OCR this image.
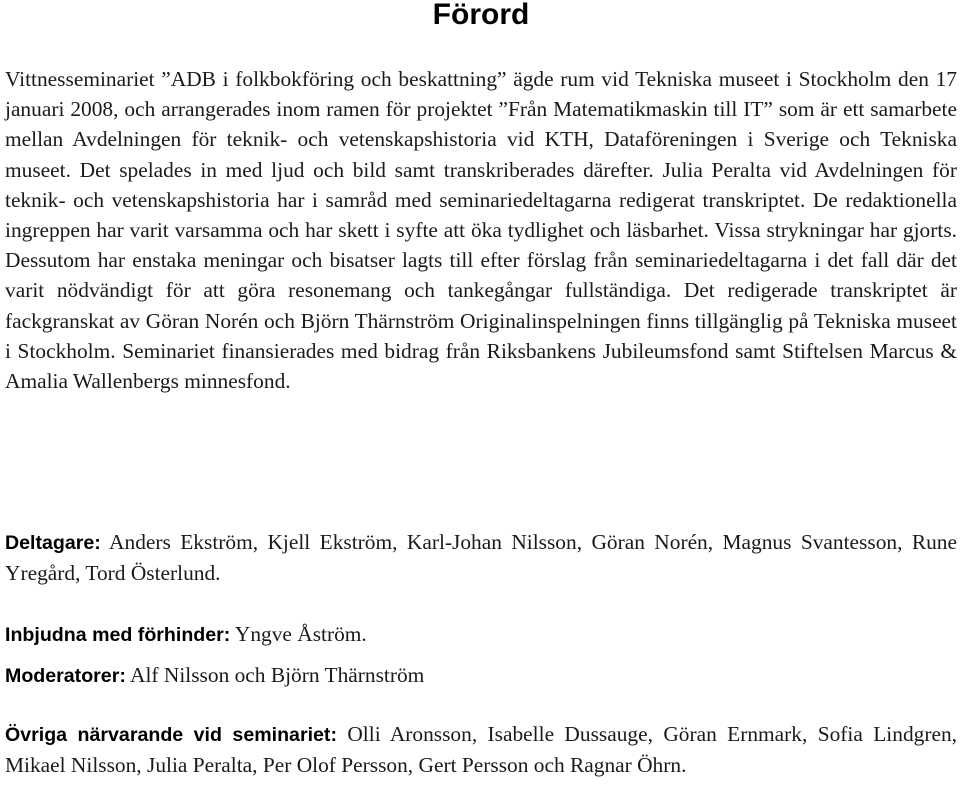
Förord

Vittnesseminariet ”ADB i folkbokföring och beskattning” ägde rum vid Tekniska museet i Stockholm den 17 januari 2008, och arrangerades inom ramen för projektet ”Från Matematikmaskin till IT” som är ett samarbete mellan Avdelningen för teknik- och vetenskapshistoria vid KTH, Dataföreningen i Sverige och Tekniska museet. Det spelades in med ljud och bild samt transkriberades därefter. Julia Peralta vid Avdelningen för teknik- och vetenskapshistoria har i samråd med seminariedeltagarna redigerat transkriptet. De redaktionella ingreppen har varit varsamma och har skett i syfte att öka tydlighet och läsbarhet. Vissa strykningar har gjorts. Dessutom har enstaka meningar och bisatser lagts till efter förslag från seminariedeltagarna i det fall där det varit nödvändigt för att göra resonemang och tankegångar fullständiga. Det redigerade transkriptet är fackgranskat av Göran Norén och Björn Thärnström Originalinspelningen finns tillgänglig på Tekniska museet i Stockholm. Seminariet finansierades med bidrag från Riksbankens Jubileumsfond samt Stiftelsen Marcus & Amalia Wallenbergs minnesfond.

Deltagare: Anders Ekström, Kjell Ekström, Karl-Johan Nilsson, Göran Norén, Magnus Svantesson, Rune Yregård, Tord Österlund.

Inbjudna med förhinder: Yngve Åström.

Moderatorer: Alf Nilsson och Björn Thärnström

Övriga närvarande vid seminariet: Olli Aronsson, Isabelle Dussauge, Göran Ernmark, Sofia Lindgren, Mikael Nilsson, Julia Peralta, Per Olof Persson, Gert Persson och Ragnar Öhrn.
